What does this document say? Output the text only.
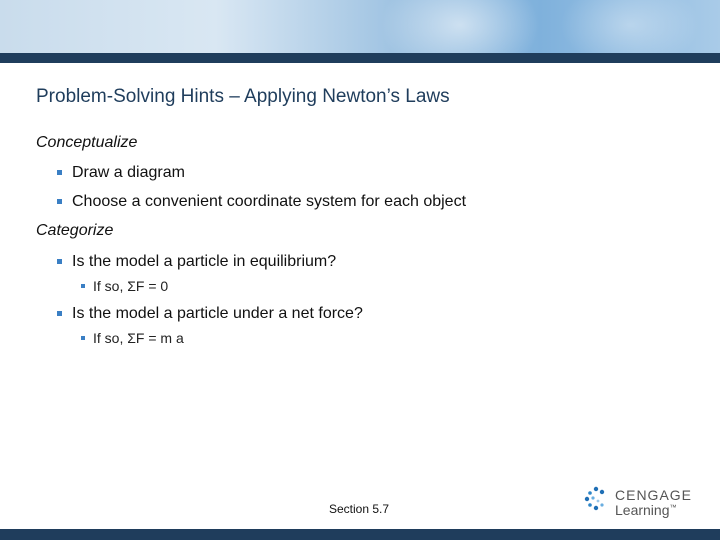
Problem-Solving Hints – Applying Newton’s Laws
Conceptualize
Draw a diagram
Choose a convenient coordinate system for each object
Categorize
Is the model a particle in equilibrium?
If so, ΣF = 0
Is the model a particle under a net force?
If so, ΣF = m a
Section 5.7
CENGAGE
Learning™
